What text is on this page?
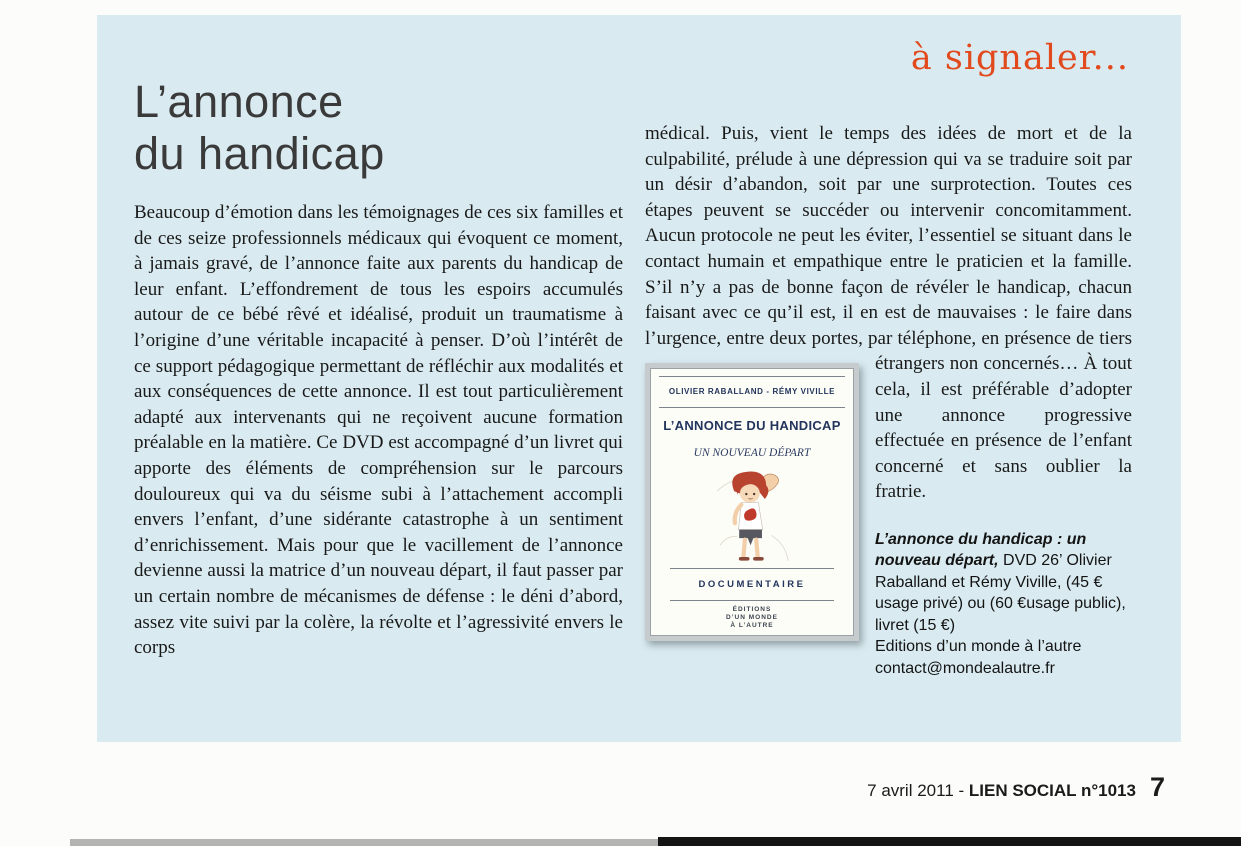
à signaler...
L’annonce
du handicap

Beaucoup d’émotion dans les témoignages de ces six familles et de ces seize professionnels médicaux qui évoquent ce moment, à jamais gravé, de l’annonce faite aux parents du handicap de leur enfant. L’effondrement de tous les espoirs accumulés autour de ce bébé rêvé et idéalisé, produit un traumatisme à l’origine d’une véritable incapacité à penser. D’où l’intérêt de ce support pédagogique permettant de réfléchir aux modalités et aux conséquences de cette annonce. Il est tout particulièrement adapté aux intervenants qui ne reçoivent aucune formation préalable en la matière. Ce DVD est accompagné d’un livret qui apporte des éléments de compréhension sur le parcours douloureux qui va du séisme subi à l’attachement accompli envers l’enfant, d’une sidérante catastrophe à un sentiment d’enrichissement. Mais pour que le vacillement de l’annonce devienne aussi la matrice d’un nouveau départ, il faut passer par un certain nombre de mécanismes de défense : le déni d’abord, assez vite suivi par la colère, la révolte et l’agressivité envers le corps

médical. Puis, vient le temps des idées de mort et de la culpabilité, prélude à une dépression qui va se traduire soit par un désir d’abandon, soit par une surprotection. Toutes ces étapes peuvent se succéder ou intervenir concomitamment. Aucun protocole ne peut les éviter, l’essentiel se situant dans le contact humain et empathique entre le praticien et la famille. S’il n’y a pas de bonne façon de révéler le handicap, chacun faisant avec ce qu’il est, il en est de mauvaises : le faire dans l’urgence, entre deux portes, par téléphone, en présence de tiers étrangers non concernés… À tout
OLIVIER RABALLAND - RÉMY VIVILLE
L’ANNONCE DU HANDICAP
UN NOUVEAU DÉPART
DOCUMENTAIRE
ÉDITIONS
D’UN MONDE
À L’AUTRE
cela, il est préférable d’adopter une annonce progressive effectuée en présence de l’enfant concerné et sans oublier la fratrie.

L’annonce du handicap : un nouveau départ, DVD 26’ Olivier Raballand et Rémy Viville, (45 € usage privé) ou (60 €usage public), livret (15 €)

Editions d’un monde à l’autre
contact@mondealautre.fr
7 avril 2011 - LIEN SOCIAL n°1013 7
